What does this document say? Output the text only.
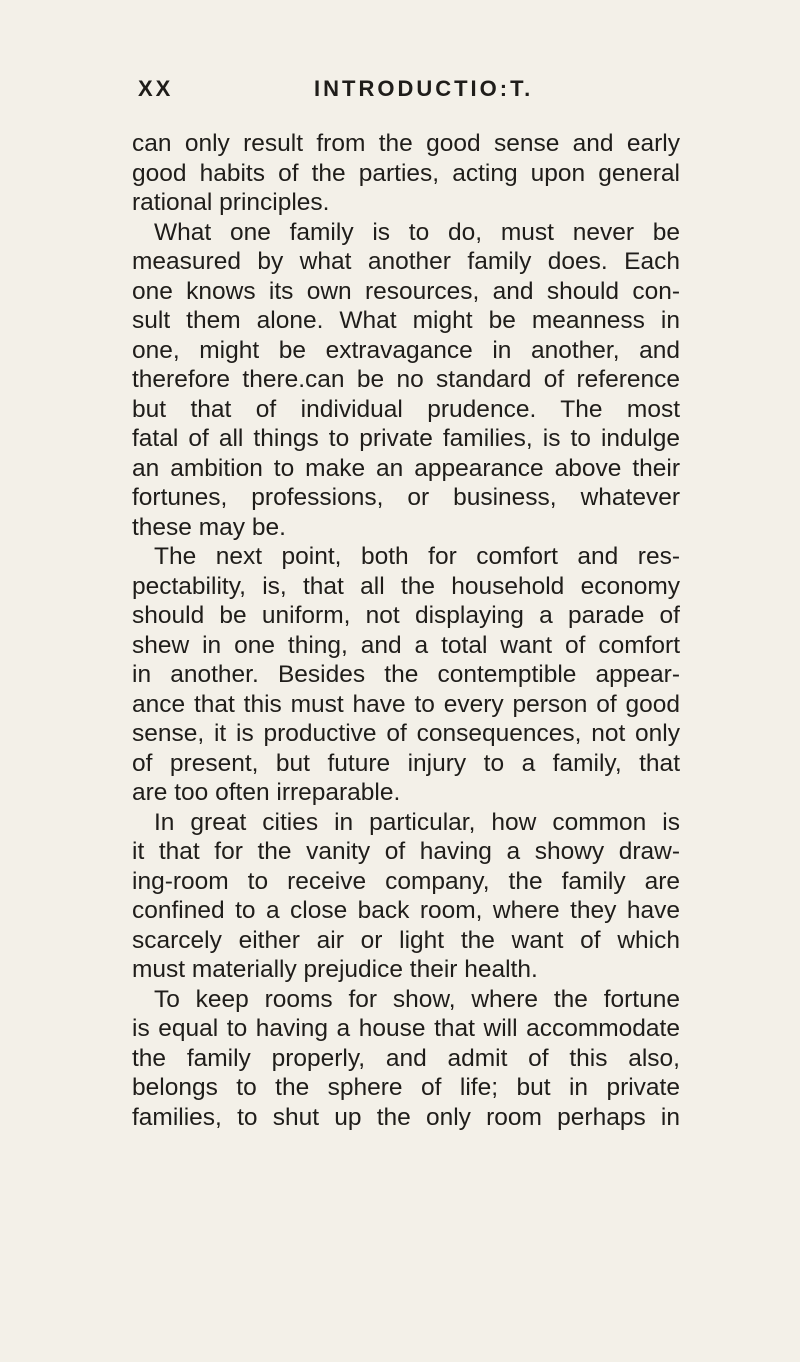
XX	INTRODUCTIO:T.
can only result from the good sense and early
good habits of the parties, acting upon general
rational principles.
What one family is to do, must never be
measured by what another family does. Each
one knows its own resources, and should con-
sult them alone. What might be meanness in
one, might be extravagance in another, and
therefore there.can be no standard of reference
but that of individual prudence. The most
fatal of all things to private families, is to indulge
an ambition to make an appearance above their
fortunes, professions, or business, whatever
these may be.
The next point, both for comfort and res-
pectability, is, that all the household economy
should be uniform, not displaying a parade of
shew in one thing, and a total want of comfort
in another. Besides the contemptible appear-
ance that this must have to every person of good
sense, it is productive of consequences, not only
of present, but future injury to a family, that
are too often irreparable.
In great cities in particular, how common is
it that for the vanity of having a showy draw-
ing-room to receive company, the family are
confined to a close back room, where they have
scarcely either air or light the want of which
must materially prejudice their health.
To keep rooms for show, where the fortune
is equal to having a house that will accommodate
the family properly, and admit of this also,
belongs to the sphere of life; but in private
families, to shut up the only room perhaps in
